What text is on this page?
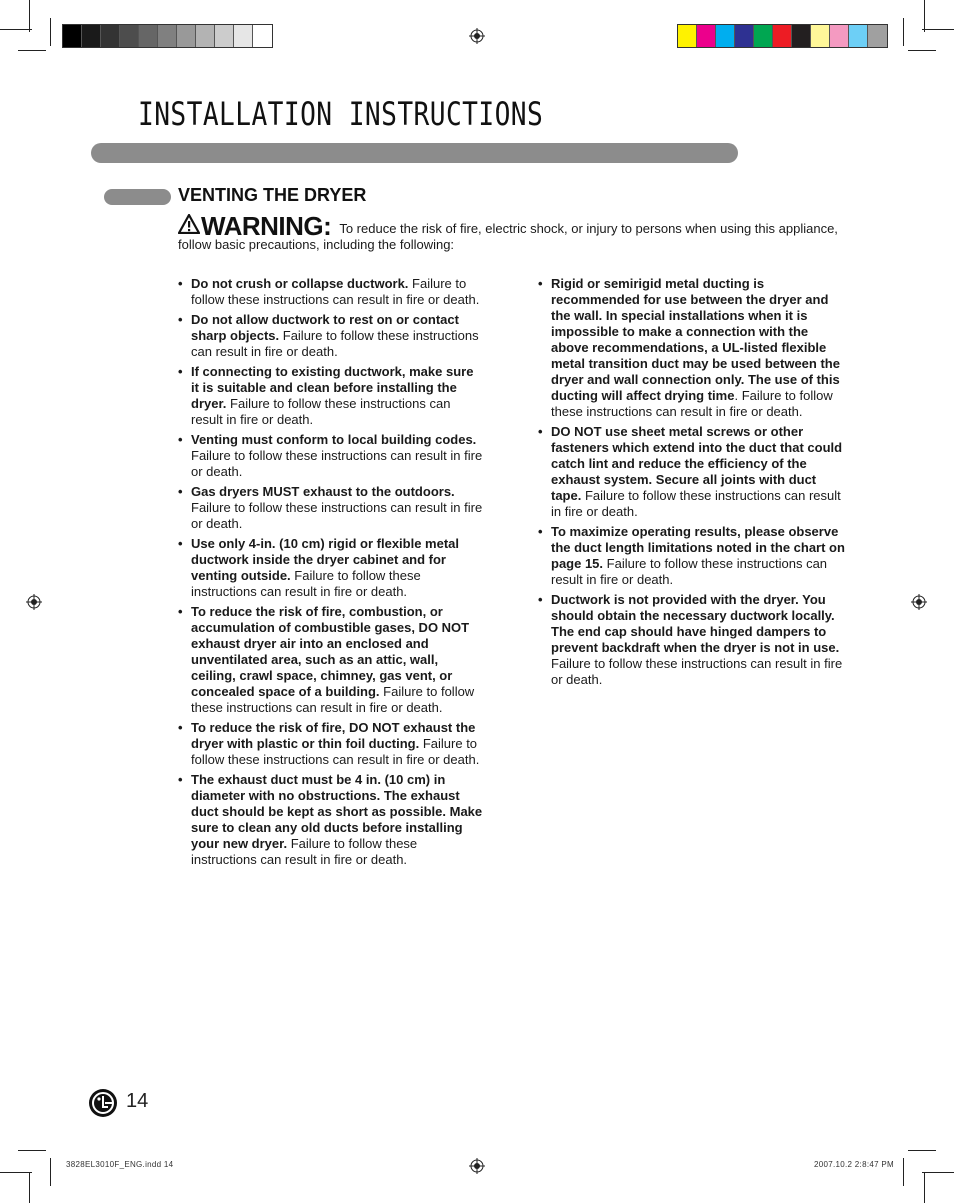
INSTALLATION INSTRUCTIONS
VENTING THE DRYER
WARNING: To reduce the risk of fire, electric shock, or injury to persons when using this appliance, follow basic precautions, including the following:
• Do not crush or collapse ductwork. Failure to follow these instructions can result in fire or death.
• Do not allow ductwork to rest on or contact sharp objects. Failure to follow these instructions can result in fire or death.
• If connecting to existing ductwork, make sure it is suitable and clean before installing the dryer. Failure to follow these instructions can result in fire or death.
• Venting must conform to local building codes. Failure to follow these instructions can result in fire or death.
• Gas dryers MUST exhaust to the outdoors. Failure to follow these instructions can result in fire or death.
• Use only 4-in. (10 cm) rigid or flexible metal ductwork inside the dryer cabinet and for venting outside. Failure to follow these instructions can result in fire or death.
• To reduce the risk of fire, combustion, or accumulation of combustible gases, DO NOT exhaust dryer air into an enclosed and unventilated area, such as an attic, wall, ceiling, crawl space, chimney, gas vent, or concealed space of a building. Failure to follow these instructions can result in fire or death.
• To reduce the risk of fire, DO NOT exhaust the dryer with plastic or thin foil ducting. Failure to follow these instructions can result in fire or death.
• The exhaust duct must be 4 in. (10 cm) in diameter with no obstructions. The exhaust duct should be kept as short as possible. Make sure to clean any old ducts before installing your new dryer. Failure to follow these instructions can result in fire or death.
• Rigid or semirigid metal ducting is recommended for use between the dryer and the wall. In special installations when it is impossible to make a connection with the above recommendations, a UL-listed flexible metal transition duct may be used between the dryer and wall connection only. The use of this ducting will affect drying time. Failure to follow these instructions can result in fire or death.
• DO NOT use sheet metal screws or other fasteners which extend into the duct that could catch lint and reduce the efficiency of the exhaust system. Secure all joints with duct tape. Failure to follow these instructions can result in fire or death.
• To maximize operating results, please observe the duct length limitations noted in the chart on page 15. Failure to follow these instructions can result in fire or death.
• Ductwork is not provided with the dryer. You should obtain the necessary ductwork locally. The end cap should have hinged dampers to prevent backdraft when the dryer is not in use. Failure to follow these instructions can result in fire or death.
14
3828EL3010F_ENG.indd 14	2007.10.2 2:8:47 PM
